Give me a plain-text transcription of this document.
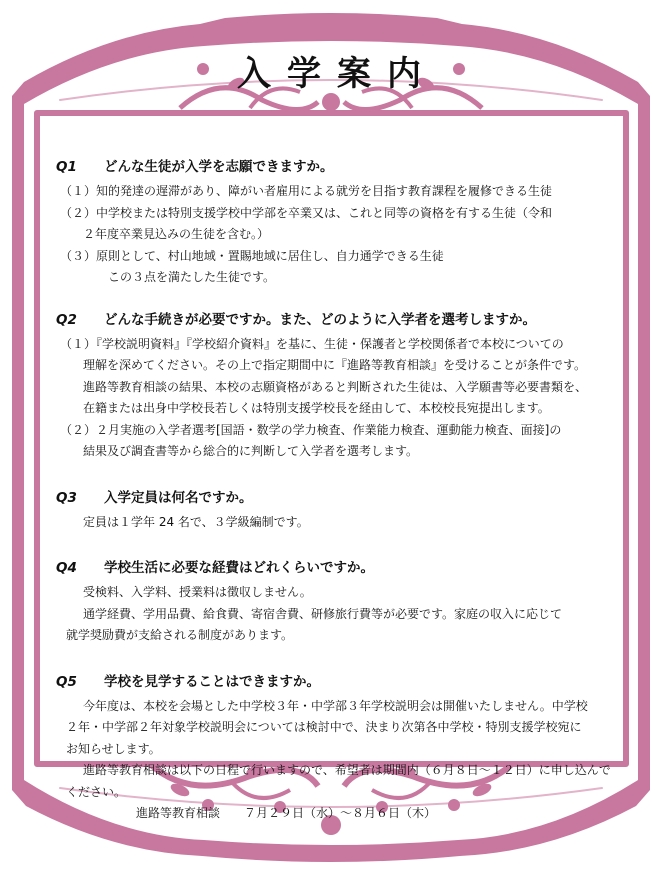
入学案内
Q1 どんな生徒が入学を志願できますか。
（１）知的発達の遅滞があり、障がい者雇用による就労を目指す教育課程を履修できる生徒
（２）中学校または特別支援学校中学部を卒業又は、これと同等の資格を有する生徒（令和
２年度卒業見込みの生徒を含む。）
（３）原則として、村山地域・置賜地域に居住し、自力通学できる生徒
この３点を満たした生徒です。
Q2 どんな手続きが必要ですか。また、どのように入学者を選考しますか。
（１）『学校説明資料』『学校紹介資料』を基に、生徒・保護者と学校関係者で本校についての
理解を深めてください。その上で指定期間中に『進路等教育相談』を受けることが条件です。
進路等教育相談の結果、本校の志願資格があると判断された生徒は、入学願書等必要書類を、
在籍または出身中学校長若しくは特別支援学校長を経由して、本校校長宛提出します。
（２）２月実施の入学者選考[国語・数学の学力検査、作業能力検査、運動能力検査、面接]の
結果及び調査書等から総合的に判断して入学者を選考します。
Q3 入学定員は何名ですか。
定員は１学年 24 名で、３学級編制です。
Q4 学校生活に必要な経費はどれくらいですか。
受検料、入学料、授業料は徴収しません。
通学経費、学用品費、給食費、寄宿舎費、研修旅行費等が必要です。家庭の収入に応じて
就学奨励費が支給される制度があります。
Q5 学校を見学することはできますか。
今年度は、本校を会場とした中学校３年・中学部３年学校説明会は開催いたしません。中学校
２年・中学部２年対象学校説明会については検討中で、決まり次第各中学校・特別支援学校宛に
お知らせします。
進路等教育相談は以下の日程で行いますので、希望者は期間内（６月８日～１２日）に申し込んで
ください。
進路等教育相談　　７月２９日（水）～８月６日（木）
